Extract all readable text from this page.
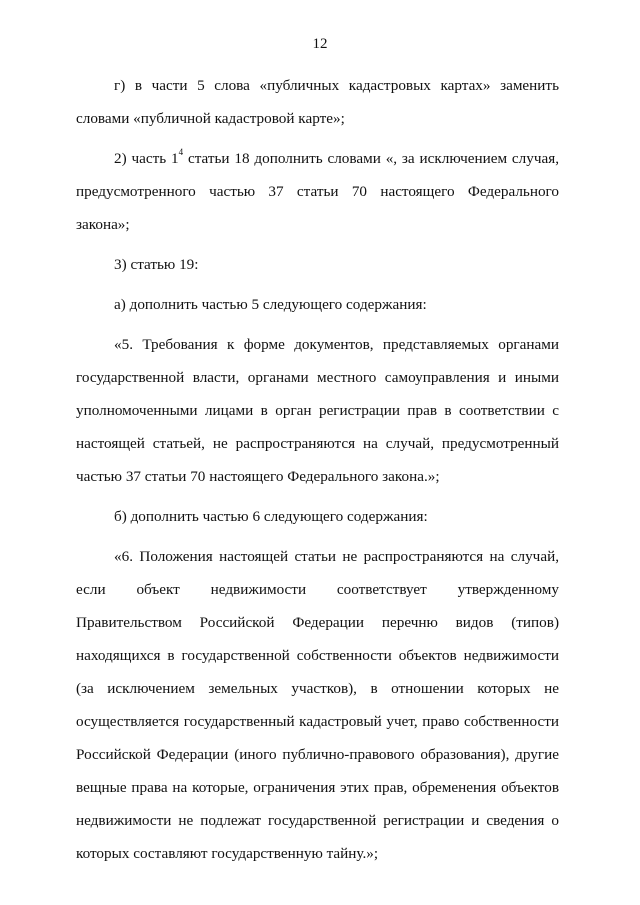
12

г) в части 5 слова «публичных кадастровых картах» заменить словами «публичной кадастровой карте»;

2) часть $1^4$ статьи 18 дополнить словами «, за исключением случая, предусмотренного частью 37 статьи 70 настоящего Федерального закона»;

3) статью 19:

а) дополнить частью 5 следующего содержания:

«5. Требования к форме документов, представляемых органами государственной власти, органами местного самоуправления и иными уполномоченными лицами в орган регистрации прав в соответствии с настоящей статьей, не распространяются на случай, предусмотренный частью 37 статьи 70 настоящего Федерального закона.»;

б) дополнить частью 6 следующего содержания:

«6. Положения настоящей статьи не распространяются на случай, если объект недвижимости соответствует утвержденному Правительством Российской Федерации перечню видов (типов) находящихся в государственной собственности объектов недвижимости (за исключением земельных участков), в отношении которых не осуществляется государственный кадастровый учет, право собственности Российской Федерации (иного публично-правового образования), другие вещные права на которые, ограничения этих прав, обременения объектов недвижимости не подлежат государственной регистрации и сведения о которых составляют государственную тайну.»;
